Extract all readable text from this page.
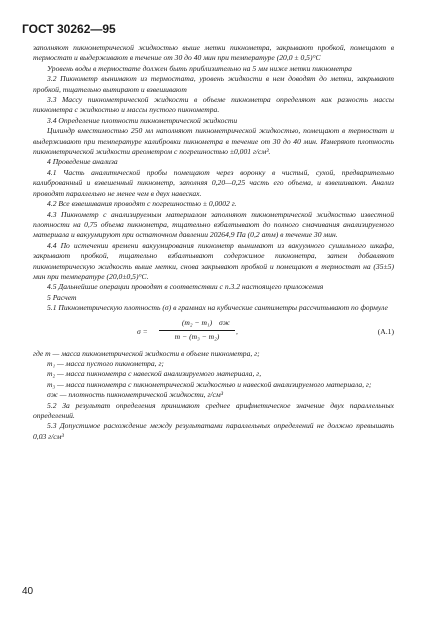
ГОСТ 30262—95

заполняют пикнометрической жидкостью выше метки пикнометра, закрывают пробкой, помещают в термостат и выдерживают в течение от 30 до 40 мин при температуре (20,0 ± 0,5)°С

Уровень воды в термостате должен быть приблизительно на 5 мм ниже метки пикнометра

3.2 Пикнометр вынимают из термостата, уровень жидкости в нем доводят до метки, закрывают пробкой, тщательно вытирают и взвешивают

3.3 Массу пикнометрической жидкости в объеме пикнометра определяют как разность массы пикнометра с жидкостью и массы пустого пикнометра.

3.4 Определение плотности пикнометрической жидкости

Цилиндр вместимостью 250 мл наполняют пикнометрической жидкостью, помещают в термостат и выдерживают при температуре калибровки пикнометра в течение от 30 до 40 мин. Измеряют плотность пикнометрической жидкости ареометром с погрешностью ±0,001 г/см³.

4 Проведение анализа

4.1 Часть аналитической пробы помещают через воронку в чистый, сухой, предварительно калиброванный и взвешенный пикнометр, заполняя 0,20—0,25 часть его объема, и взвешивают. Анализ проводят параллельно не менее чем в двух навесках.

4.2 Все взвешивания проводят с погрешностью ± 0,0002 г.

4.3 Пикнометр с анализируемым материалом заполняют пикнометрической жидкостью известной плотности на 0,75 объема пикнометра, тщательно взбалтывают до полного смачивания анализируемого материала и вакуумируют при остаточном давлении 20264,9 Па (0,2 атм) в течение 30 мин.

4.4 По истечении времени вакуумирования пикнометр вынимают из вакуумного сушильного шкафа, закрывают пробкой, тщательно взбалтывают содержимое пикнометра, затем добавляют пикнометрическую жидкость выше метки, снова закрывают пробкой и помещают в термостат на (35±5) мин при температуре (20,0±0,5)°С.

4.5 Дальнейшие операции проводят в соответствии с п.3.2 настоящего приложения

5 Расчет

5.1 Пикнометрическую плотность (σ) в граммах на кубические сантиметры рассчитывают по формуле

σ =
(m₂ − m₁) σж
m − (m₃ − m₂)
,	(А.1)

где m — масса пикнометрической жидкости в объеме пикнометра, г;

m₁ — масса пустого пикнометра, г;

m₂ — масса пикнометра с навеской анализируемого материала, г,

m₃ — масса пикнометра с пикнометрической жидкостью и навеской анализируемого материала, г;

σж — плотность пикнометрической жидкости, г/см³

5.2 За результат определения принимают среднее арифметическое значение двух параллельных определений.

5.3 Допустимое расхождение между результатами параллельных определений не должно превышать 0,03 г/см³

40
